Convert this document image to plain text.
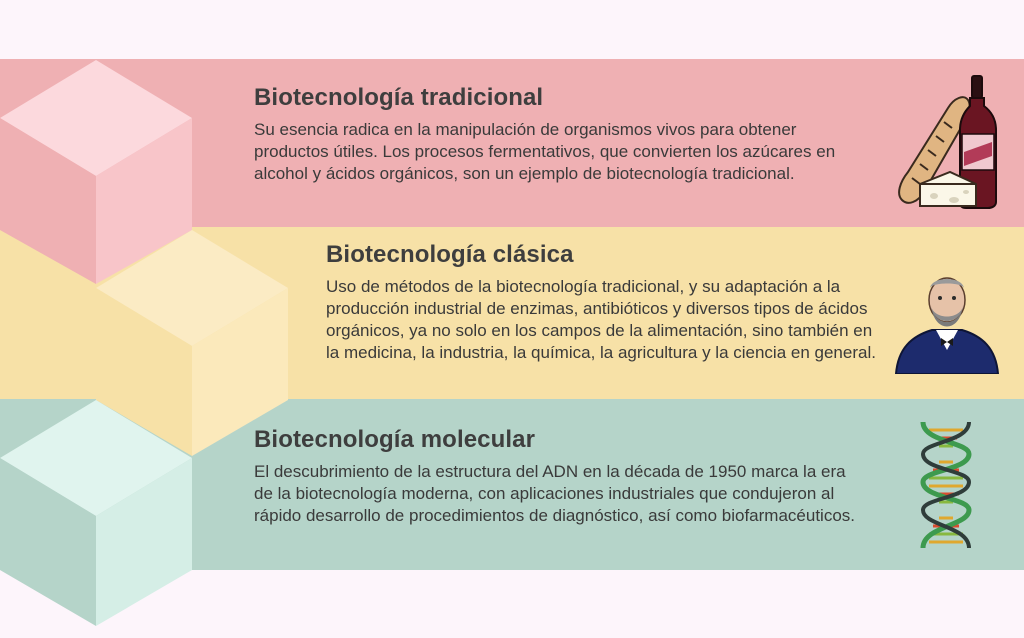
Biotecnología tradicional

Su esencia radica en la manipulación de organismos vivos para obtener productos útiles. Los procesos fermentativos, que convierten los azúcares en alcohol y ácidos orgánicos, son un ejemplo de biotecnología tradicional.

Biotecnología clásica

Uso de métodos de la biotecnología tradicional, y su adaptación a la producción industrial de enzimas, antibióticos y diversos tipos de ácidos orgánicos, ya no solo en los campos de la alimentación, sino también en la medicina, la industria, la química, la agricultura y la ciencia en general.

Biotecnología molecular

El descubrimiento de la estructura del ADN en la década de 1950 marca la era de la biotecnología moderna, con aplicaciones industriales que condujeron al rápido desarrollo de procedimientos de diagnóstico, así como biofarmacéuticos.
